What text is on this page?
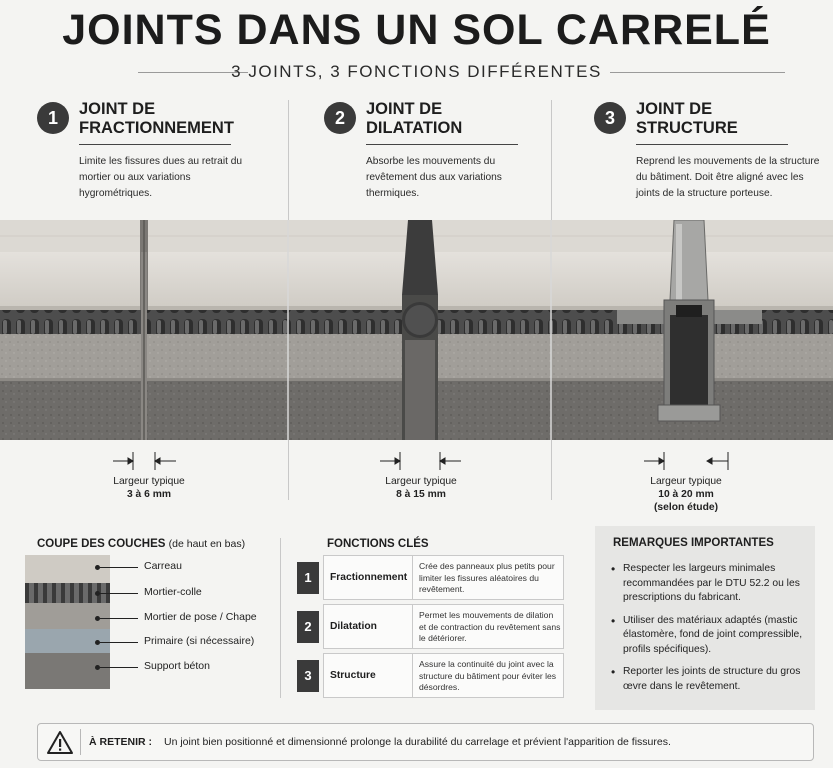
JOINTS DANS UN SOL CARRELÉ
3 JOINTS, 3 FONCTIONS DIFFÉRENTES
1	JOINT DE
FRACTIONNEMENT
Limite les fissures dues au retrait du mortier ou aux variations hygrométriques.
2	JOINT DE
DILATATION
Absorbe les mouvements du revêtement dus aux variations thermiques.
3	JOINT DE
STRUCTURE
Reprend les mouvements de la structure du bâtiment. Doit être aligné avec les joints de la structure porteuse.
Largeur typique
3 à 6 mm
Largeur typique
8 à 15 mm
Largeur typique
10 à 20 mm
(selon étude)
COUPE DES COUCHES (de haut en bas)
Carreau
Mortier-colle
Mortier de pose / Chape
Primaire (si nécessaire)
Support béton
FONCTIONS CLÉS
1	Fractionnement
Crée des panneaux plus petits pour limiter les fissures aléatoires du revêtement.
2	Dilatation
Permet les mouvements de dilation et de contraction du revêtement sans le détériorer.
3	Structure
Assure la continuité du joint avec la structure du bâtiment pour éviter les désordres.
REMARQUES IMPORTANTES
• Respecter les largeurs minimales recommandées par le DTU 52.2 ou les prescriptions du fabricant.
• Utiliser des matériaux adaptés (mastic élastomère, fond de joint compressible, profils spécifiques).
• Reporter les joints de structure du gros œvre dans le revêtement.
À RETENIR : Un joint bien positionné et dimensionné prolonge la durabilité du carrelage et prévient l'apparition de fissures.
